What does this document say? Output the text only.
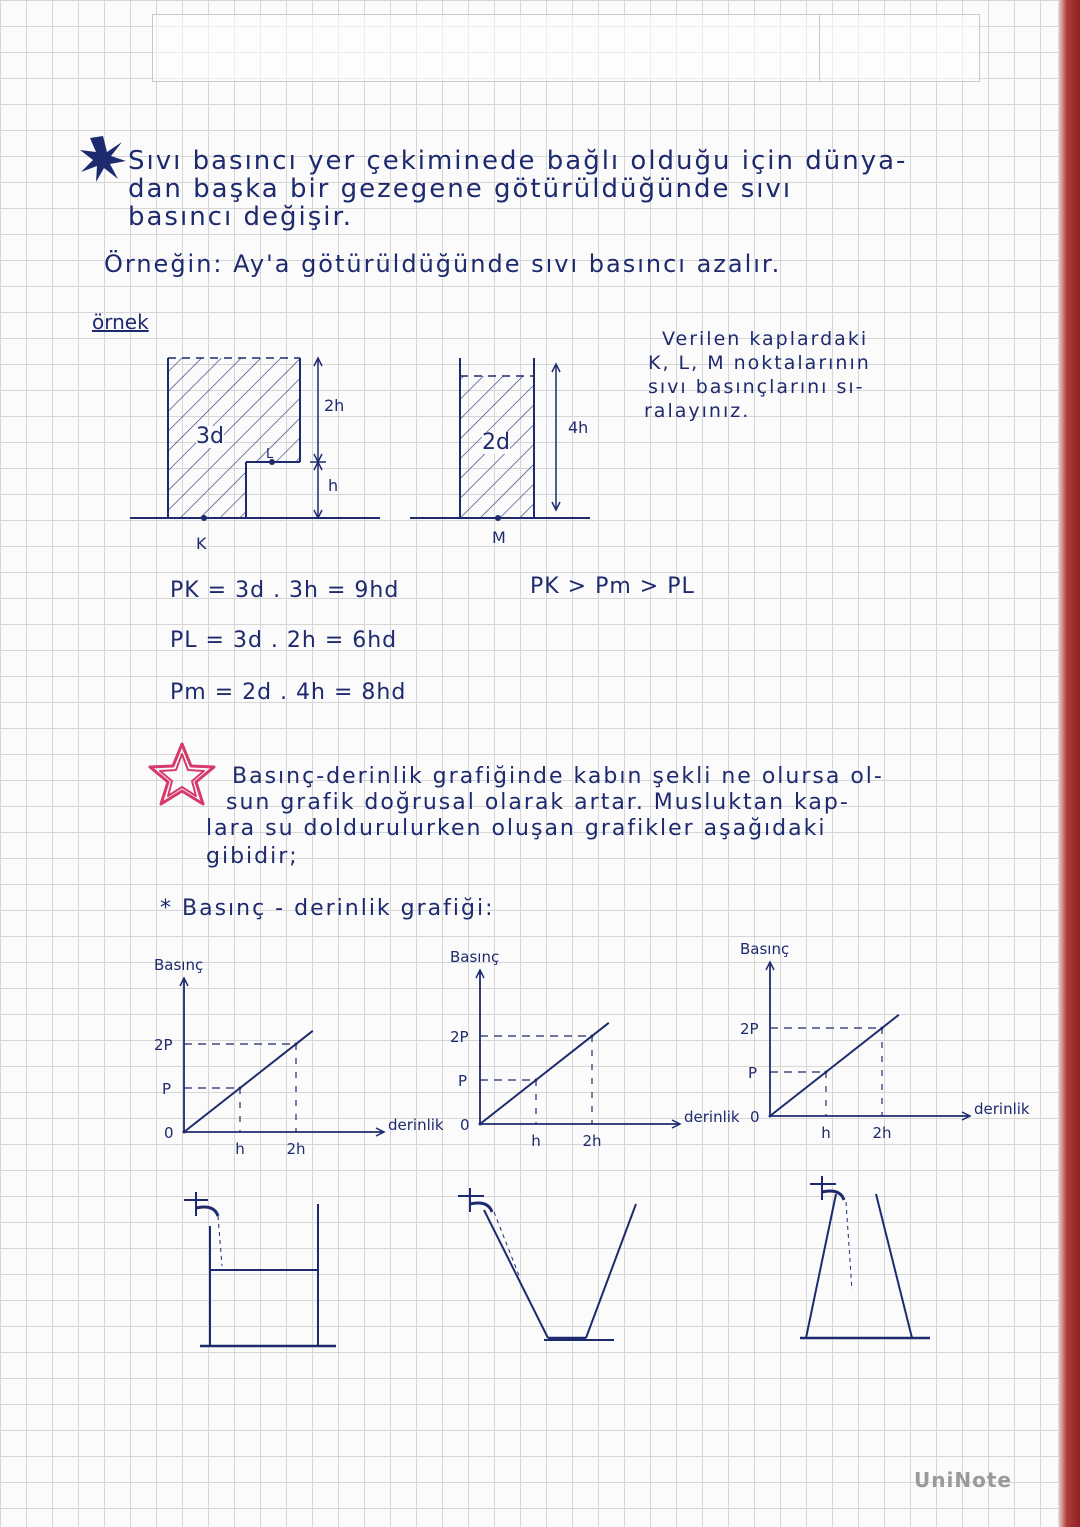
Sıvı basıncı yer çekiminede bağlı olduğu için dünya-
dan başka bir gezegene götürüldüğünde sıvı
basıncı değişir.
Örneğin: Ay'a götürüldüğünde sıvı basıncı azalır.
örnek
Verilen kaplardaki
K, L, M noktalarının
sıvı basınçlarını sı-
ralayınız.
3d
2h
h
L
K
2d
4h
M
PK = 3d . 3h = 9hd
PL = 3d . 2h = 6hd
Pm = 2d . 4h = 8hd
PK > Pm > PL
Basınç-derinlik grafiğinde kabın şekli ne olursa ol-
sun grafik doğrusal olarak artar. Musluktan kap-
lara su doldurulurken oluşan grafikler aşağıdaki
gibidir;
* Basınç - derinlik grafiği:
Basınç
derinlik
0
P
2P
h	2h
Basınç
derinlik
0
P
2P
h	2h
Basınç
derinlik
0
P
2P
h	2h
UniNote
